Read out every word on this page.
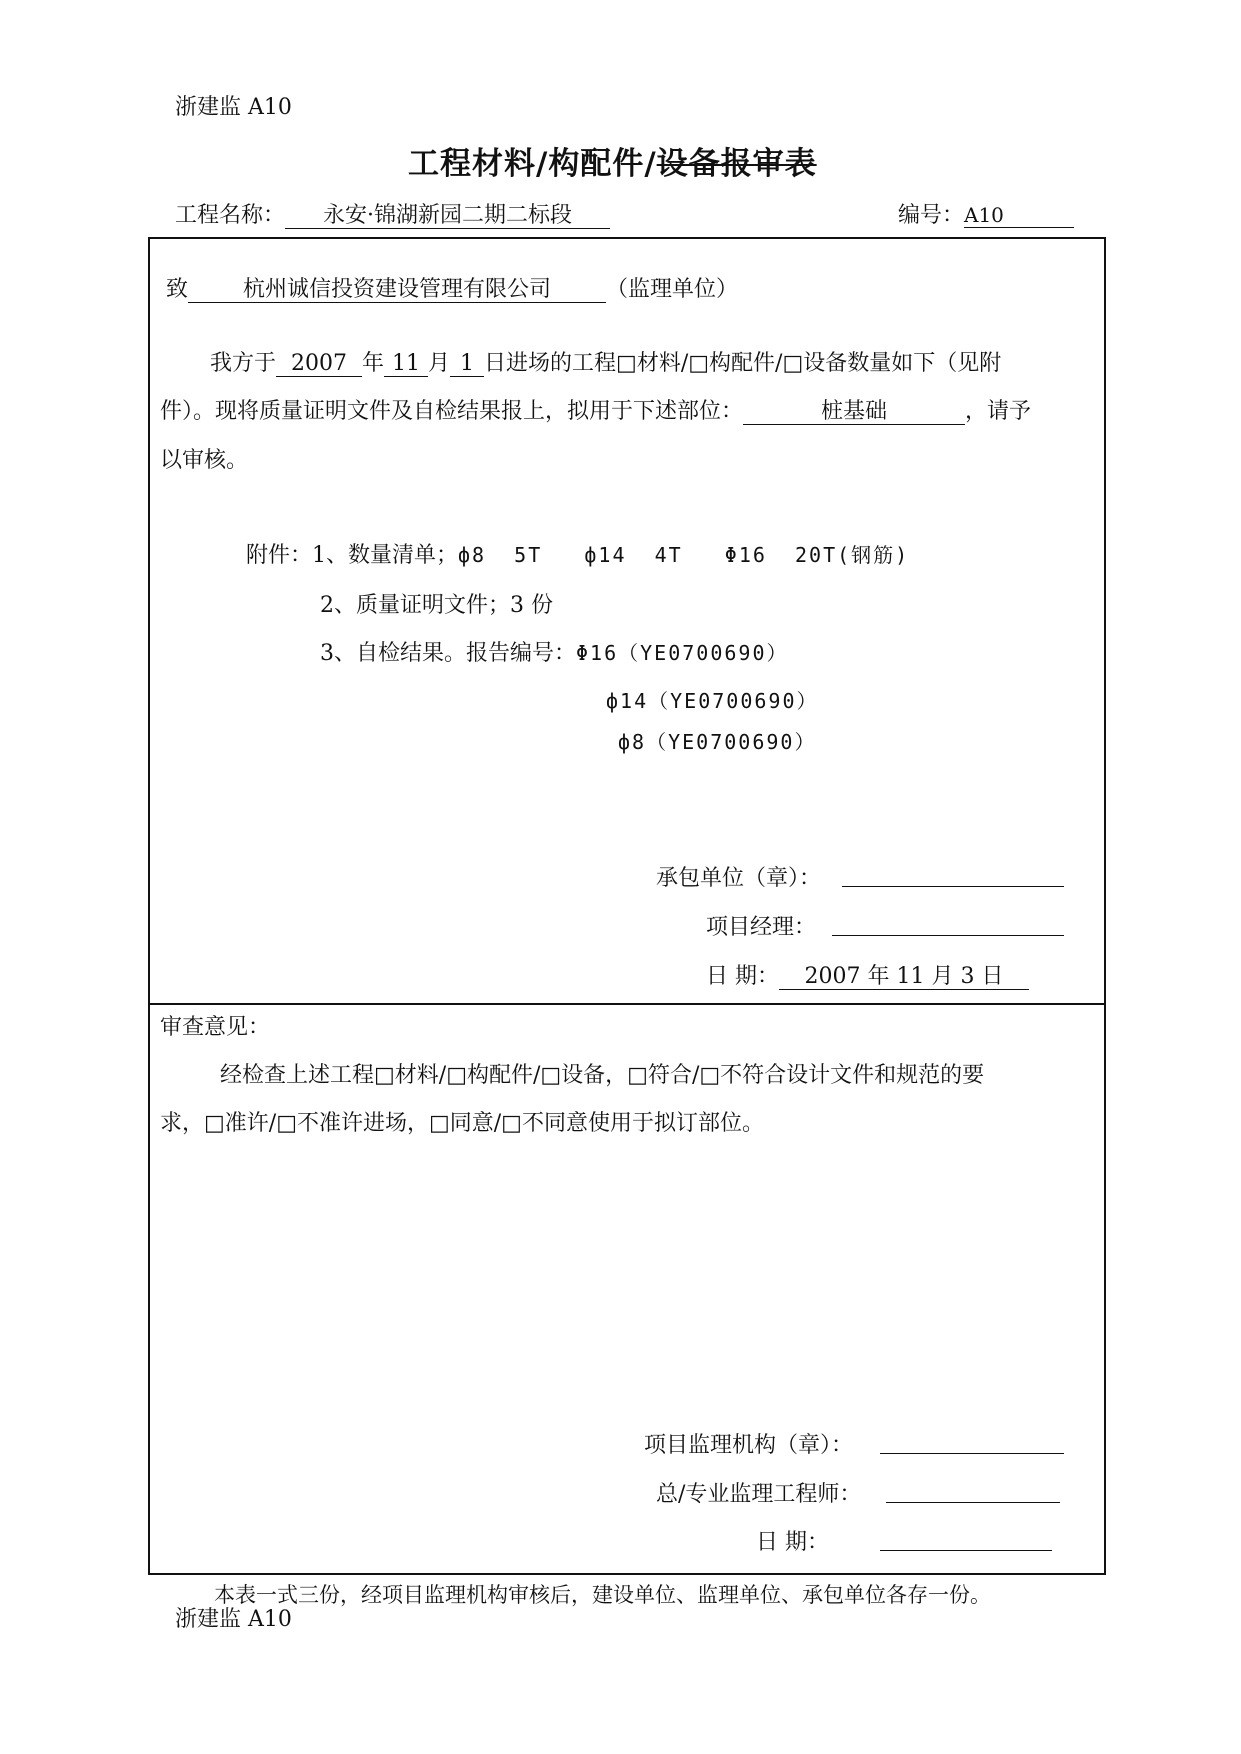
浙建监 A10
工程材料/构配件/设备报审表
工程名称： 永安·锦湖新园二期二标段	编号：A10
致 杭州诚信投资建设管理有限公司	（监理单位）
我方于 2007 年 11 月 1 日进场的工程□材料/□构配件/□设备数量如下（见附
件）。现将质量证明文件及自检结果报上，拟用于下述部位：	桩基础	，请予
以审核。
附件：1、数量清单；ф8  5T   ф14  4T   Φ16  20T(钢筋)
2、质量证明文件；3 份
3、自检结果。报告编号：Φ16（YE0700690）
ф14（YE0700690）
ф8（YE0700690）
承包单位（章）：
项目经理：
日 期： 2007 年 11 月 3 日
审查意见：
经检查上述工程□材料/□构配件/□设备，□符合/□不符合设计文件和规范的要
求，□准许/□不准许进场，□同意/□不同意使用于拟订部位。
项目监理机构（章）：
总/专业监理工程师：
日 期：
本表一式三份，经项目监理机构审核后，建设单位、监理单位、承包单位各存一份。
浙建监 A10
